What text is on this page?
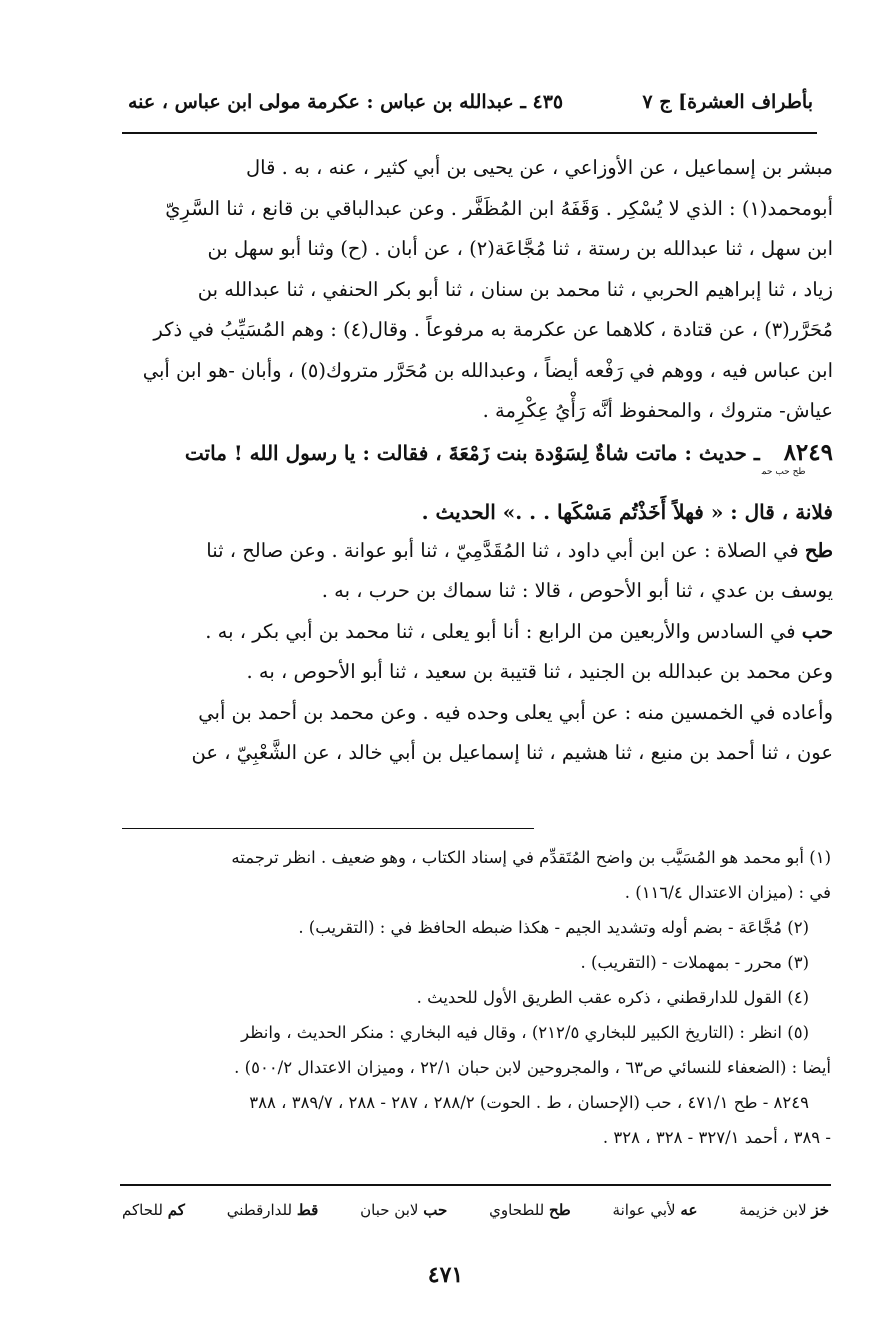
بأطراف العشرة] ج ٧
٤٣٥ ـ عبدالله بن عباس : عكرمة مولى ابن عباس ، عنه

مبشر بن إسماعيل ، عن الأوزاعي ، عن يحيى بن أبي كثير ، عنه ، به . قال

أبومحمد(١) : الذي لا يُسْكِر . وَقَفَهُ ابن المُظَفَّر . وعن عبدالباقي بن قانع ، ثنا السَّرِيّ

ابن سهل ، ثنا عبدالله بن رستة ، ثنا مُجَّاعَة(٢) ، عن أبان . (ح) وثنا أبو سهل بن

زياد ، ثنا إبراهيم الحربي ، ثنا محمد بن سنان ، ثنا أبو بكر الحنفي ، ثنا عبدالله بن

مُحَرَّر(٣) ، عن قتادة ، كلاهما عن عكرمة به مرفوعاً . وقال(٤) : وهم المُسَيِّبُ في ذكر

ابن عباس فيه ، ووهم في رَفْعه أيضاً ، وعبدالله بن مُحَرَّر متروك(٥) ، وأبان -هو ابن أبي

عياش- متروك ، والمحفوظ أنَّه رَأْيُ عِكْرِمة .

$٨٢٤٩_{طح حب حم}ـ$ حديث : ماتت شاةٌ لِسَوْدة بنت زَمْعَةَ ، فقالت : يا رسول الله ! ماتت

فلانة ، قال : « فهلاً أَخَذْتُم مَسْكَها . . .» الحديث .

طح في الصلاة : عن ابن أبي داود ، ثنا المُقَدَّمِيّ ، ثنا أبو عوانة . وعن صالح ، ثنا

يوسف بن عدي ، ثنا أبو الأحوص ، قالا : ثنا سماك بن حرب ، به .

حب في السادس والأربعين من الرابع : أنا أبو يعلى ، ثنا محمد بن أبي بكر ، به .

وعن محمد بن عبدالله بن الجنيد ، ثنا قتيبة بن سعيد ، ثنا أبو الأحوص ، به .

وأعاده في الخمسين منه : عن أبي يعلى وحده فيه . وعن محمد بن أحمد بن أبي

عون ، ثنا أحمد بن منيع ، ثنا هشيم ، ثنا إسماعيل بن أبي خالد ، عن الشَّعْبِيّ ، عن

(١) أبو محمد هو المُسَيَّب بن واضح المُتَقدِّم في إسناد الكتاب ، وهو ضعيف . انظر ترجمته

في : (ميزان الاعتدال ١١٦/٤) .

(٢) مُجَّاعَة - بضم أوله وتشديد الجيم - هكذا ضبطه الحافظ في : (التقريب) .

(٣) محرر - بمهملات - (التقريب) .

(٤) القول للدارقطني ، ذكره عقب الطريق الأول للحديث .

(٥) انظر : (التاريخ الكبير للبخاري ٢١٢/٥) ، وقال فيه البخاري : منكر الحديث ، وانظر

أيضا : (الضعفاء للنسائي ص٦٣ ، والمجروحين لابن حبان ٢٢/١ ، وميزان الاعتدال ٥٠٠/٢) .

٨٢٤٩ - طح ٤٧١/١ ، حب (الإحسان ، ط . الحوت) ٢٨٨/٢ ، ٢٨٧ - ٢٨٨ ، ٣٨٩/٧ ، ٣٨٨

- ٣٨٩ ، أحمد ٣٢٧/١ - ٣٢٨ ، ٣٢٨ .

خز لابن خزيمة
عه لأبي عوانة
طح للطحاوي
حب لابن حبان
قط للدارقطني
كم للحاكم
٤٧١
